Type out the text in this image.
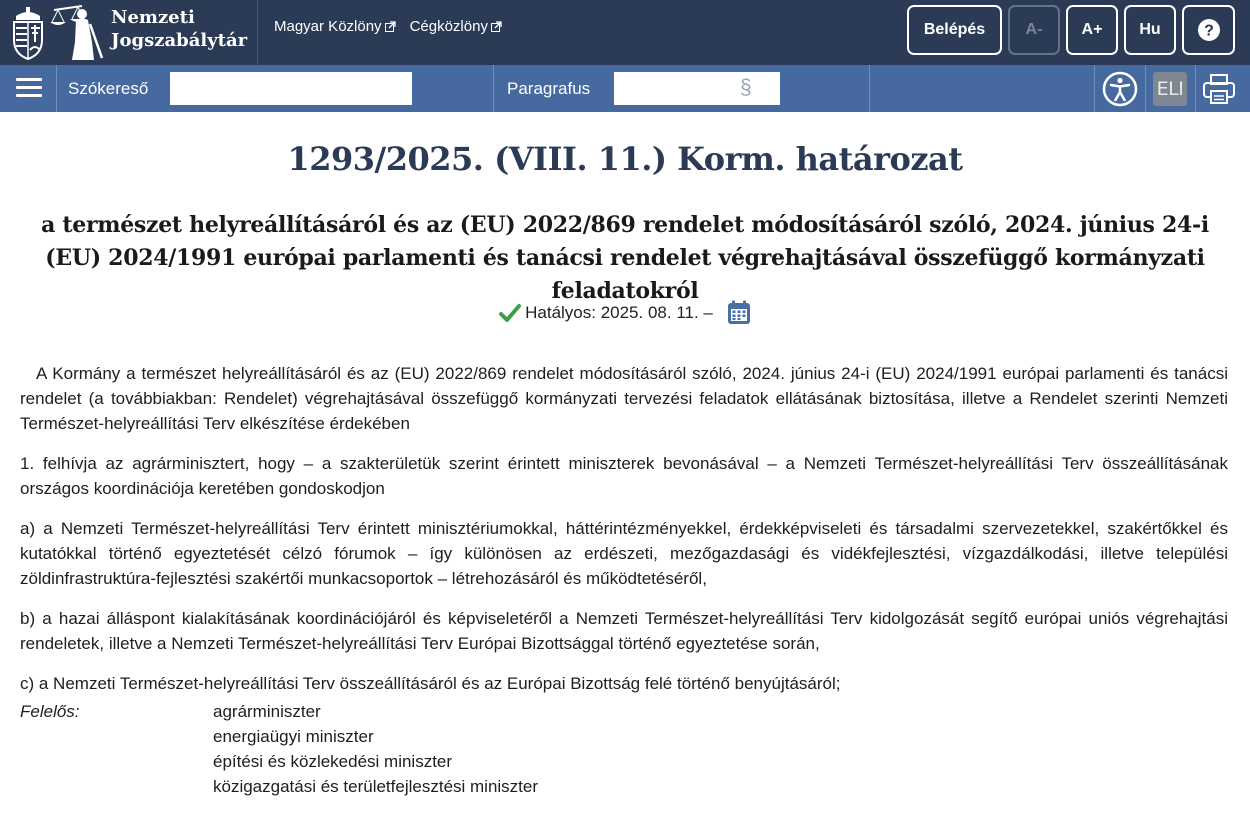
Nemzeti
Jogszabálytár
Magyar Közlöny Cégközlöny	Belépés	A-	A+	Hu	?
Szókereső	Paragrafus	§	ELI
1293/2025. (VIII. 11.) Korm. határozat
a természet helyreállításáról és az (EU) 2022/869 rendelet módosításáról szóló, 2024. június 24-i (EU) 2024/1991 európai parlamenti és tanácsi rendelet végrehajtásával összefüggő kormányzati feladatokról
Hatályos: 2025. 08. 11. –

A Kormány a természet helyreállításáról és az (EU) 2022/869 rendelet módosításáról szóló, 2024. június 24-i (EU) 2024/1991 európai parlamenti és tanácsi rendelet (a továbbiakban: Rendelet) végrehajtásával összefüggő kormányzati tervezési feladatok ellátásának biztosítása, illetve a Rendelet szerinti Nemzeti Természet-helyreállítási Terv elkészítése érdekében

1. felhívja az agrárminisztert, hogy – a szakterületük szerint érintett miniszterek bevonásával – a Nemzeti Természet-helyreállítási Terv összeállításának országos koordinációja keretében gondoskodjon

a) a Nemzeti Természet-helyreállítási Terv érintett minisztériumokkal, háttérintézményekkel, érdekképviseleti és társadalmi szervezetekkel, szakértőkkel és kutatókkal történő egyeztetését célzó fórumok – így különösen az erdészeti, mezőgazdasági és vidékfejlesztési, vízgazdálkodási, illetve települési zöldinfrastruktúra-fejlesztési szakértői munkacsoportok – létrehozásáról és működtetéséről,

b) a hazai álláspont kialakításának koordinációjáról és képviseletéről a Nemzeti Természet-helyreállítási Terv kidolgozását segítő európai uniós végrehajtási rendeletek, illetve a Nemzeti Természet-helyreállítási Terv Európai Bizottsággal történő egyeztetése során,

c) a Nemzeti Természet-helyreállítási Terv összeállításáról és az Európai Bizottság felé történő benyújtásáról;

Felelős:	agrárminiszter
energiaügyi miniszter
építési és közlekedési miniszter
közigazgatási és területfejlesztési miniszter
